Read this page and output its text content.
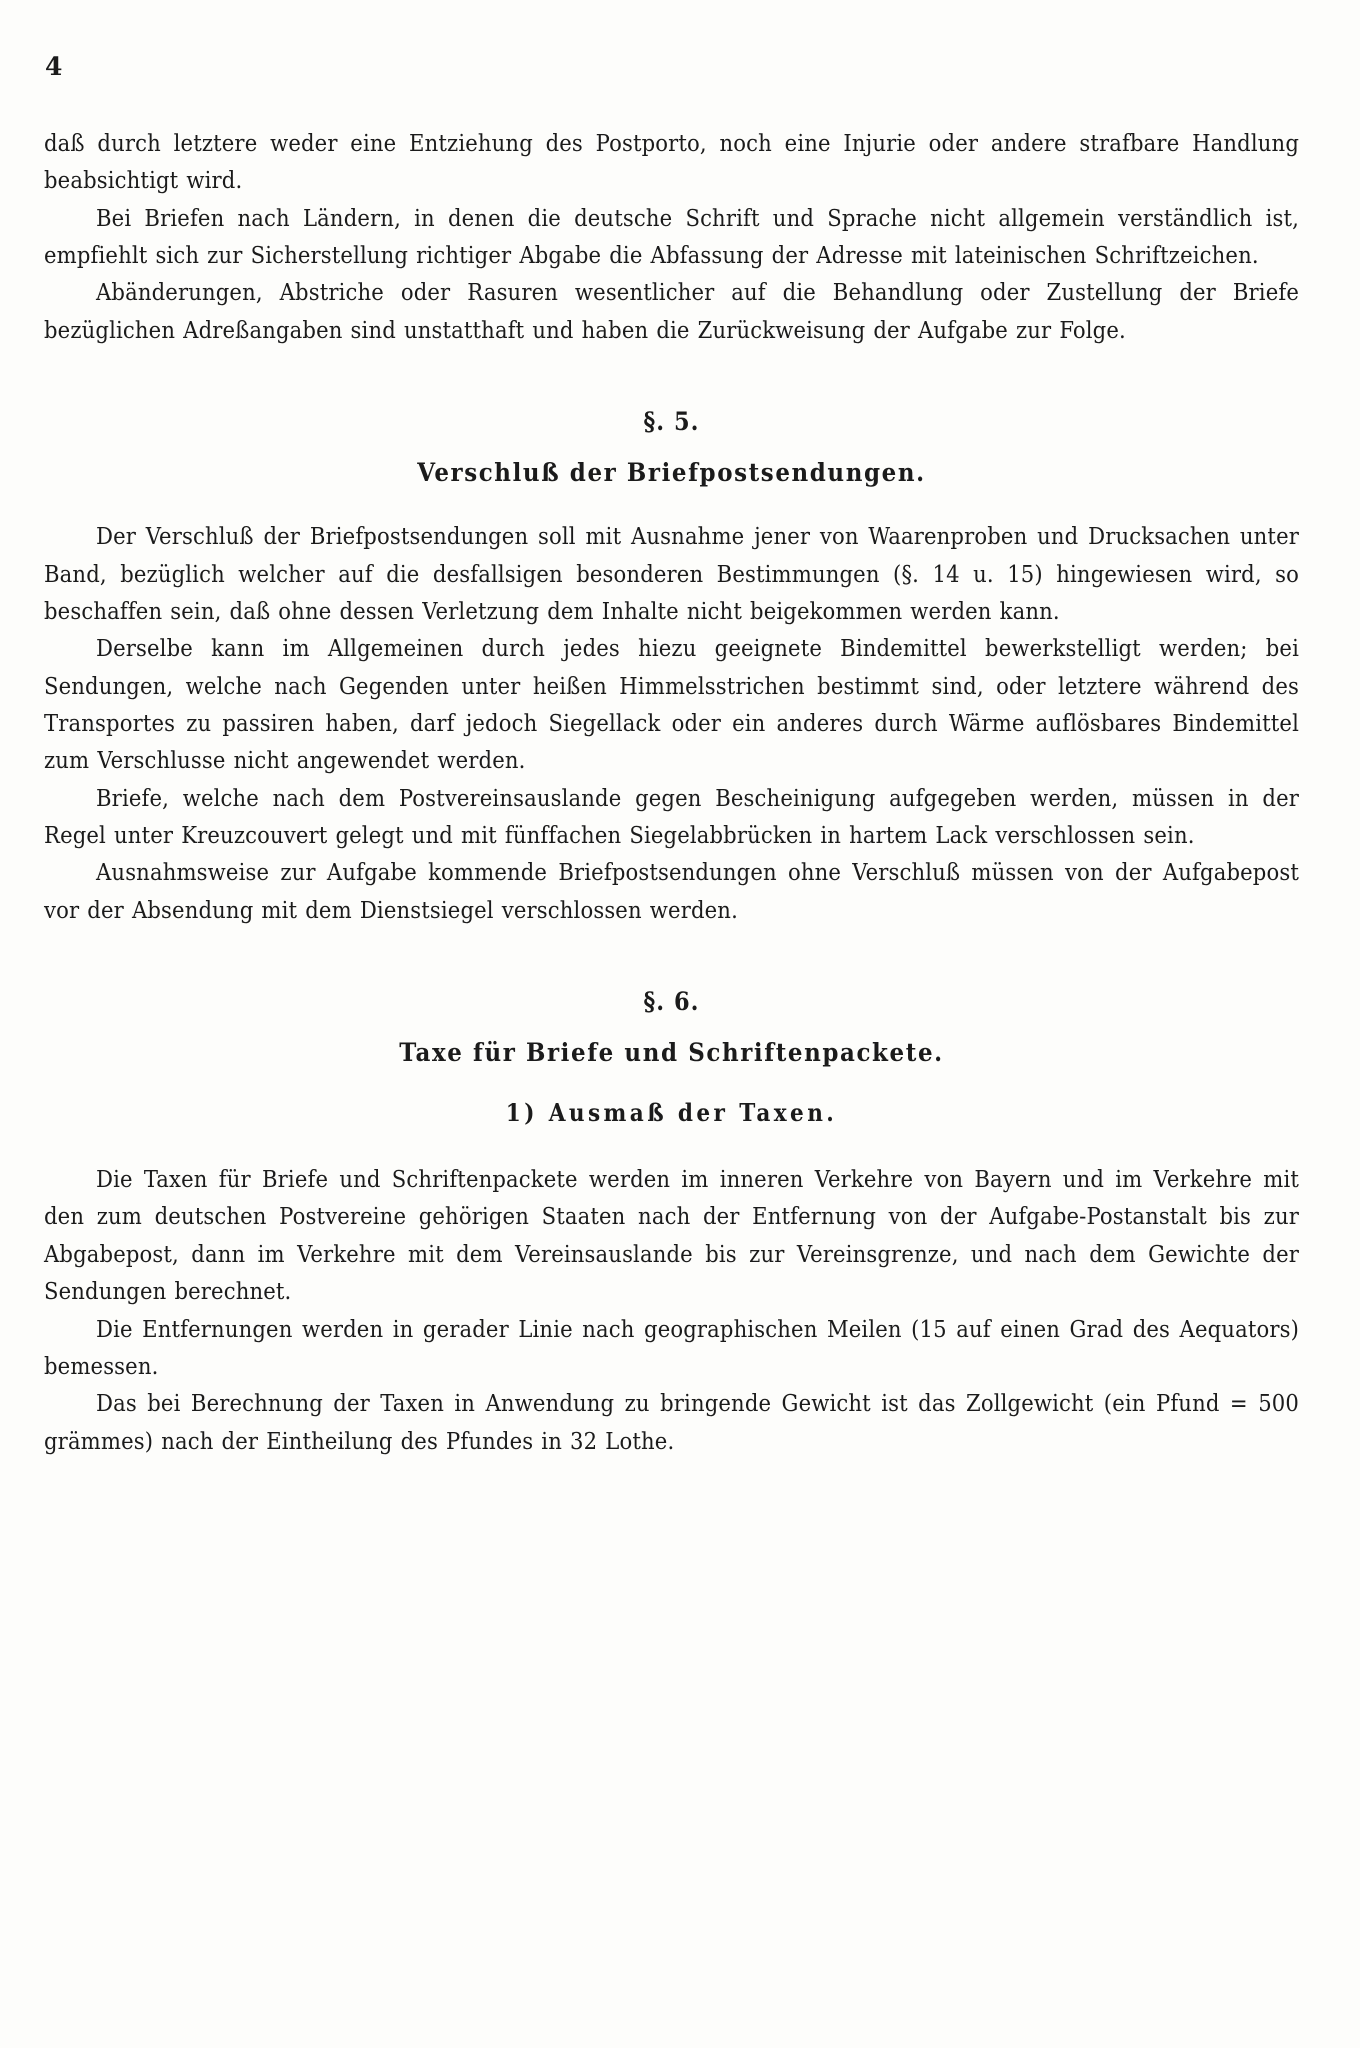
4

daß durch letztere weder eine Entziehung des Postporto, noch eine Injurie oder andere strafbare Handlung beabsichtigt wird.

Bei Briefen nach Ländern, in denen die deutsche Schrift und Sprache nicht allgemein verständlich ist, empfiehlt sich zur Sicherstellung richtiger Abgabe die Abfassung der Adresse mit lateinischen Schriftzeichen.

Abänderungen, Abstriche oder Rasuren wesentlicher auf die Behandlung oder Zustellung der Briefe bezüglichen Adreßangaben sind unstatthaft und haben die Zurückweisung der Aufgabe zur Folge.

§. 5.
Verschluß der Briefpostsendungen.

Der Verschluß der Briefpostsendungen soll mit Ausnahme jener von Waarenproben und Drucksachen unter Band, bezüglich welcher auf die desfallsigen besonderen Bestimmungen (§. 14 u. 15) hingewiesen wird, so beschaffen sein, daß ohne dessen Verletzung dem Inhalte nicht beigekommen werden kann.

Derselbe kann im Allgemeinen durch jedes hiezu geeignete Bindemittel bewerkstelligt werden; bei Sendungen, welche nach Gegenden unter heißen Himmelsstrichen bestimmt sind, oder letztere während des Transportes zu passiren haben, darf jedoch Siegellack oder ein anderes durch Wärme auflösbares Bindemittel zum Verschlusse nicht angewendet werden.

Briefe, welche nach dem Postvereinsauslande gegen Bescheinigung aufgegeben werden, müssen in der Regel unter Kreuzcouvert gelegt und mit fünffachen Siegelabbrücken in hartem Lack verschlossen sein.

Ausnahmsweise zur Aufgabe kommende Briefpostsendungen ohne Verschluß müssen von der Aufgabepost vor der Absendung mit dem Dienstsiegel verschlossen werden.

§. 6.
Taxe für Briefe und Schriftenpackete.
1) Ausmaß der Taxen.

Die Taxen für Briefe und Schriftenpackete werden im inneren Verkehre von Bayern und im Verkehre mit den zum deutschen Postvereine gehörigen Staaten nach der Entfernung von der Aufgabe-Postanstalt bis zur Abgabepost, dann im Verkehre mit dem Vereinsauslande bis zur Vereinsgrenze, und nach dem Gewichte der Sendungen berechnet.

Die Entfernungen werden in gerader Linie nach geographischen Meilen (15 auf einen Grad des Aequators) bemessen.

Das bei Berechnung der Taxen in Anwendung zu bringende Gewicht ist das Zollgewicht (ein Pfund = 500 grämmes) nach der Eintheilung des Pfundes in 32 Lothe.
